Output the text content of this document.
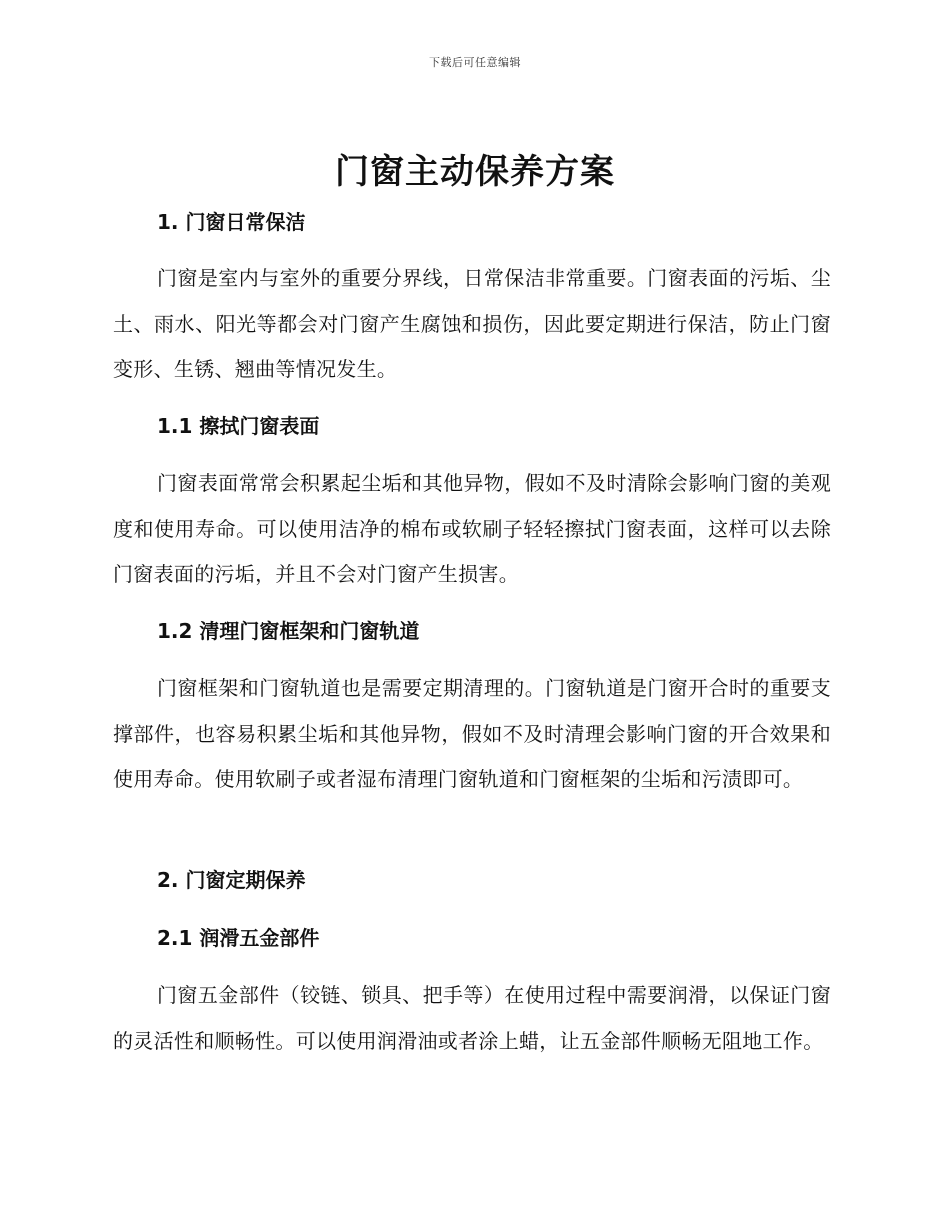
下载后可任意编辑
门窗主动保养方案
1. 门窗日常保洁

门窗是室内与室外的重要分界线，日常保洁非常重要。门窗表面的污垢、尘土、雨水、阳光等都会对门窗产生腐蚀和损伤，因此要定期进行保洁，防止门窗变形、生锈、翘曲等情况发生。

1.1 擦拭门窗表面

门窗表面常常会积累起尘垢和其他异物，假如不及时清除会影响门窗的美观度和使用寿命。可以使用洁净的棉布或软刷子轻轻擦拭门窗表面，这样可以去除门窗表面的污垢，并且不会对门窗产生损害。

1.2 清理门窗框架和门窗轨道

门窗框架和门窗轨道也是需要定期清理的。门窗轨道是门窗开合时的重要支撑部件，也容易积累尘垢和其他异物，假如不及时清理会影响门窗的开合效果和使用寿命。使用软刷子或者湿布清理门窗轨道和门窗框架的尘垢和污渍即可。

2. 门窗定期保养
2.1 润滑五金部件

门窗五金部件（铰链、锁具、把手等）在使用过程中需要润滑，以保证门窗的灵活性和顺畅性。可以使用润滑油或者涂上蜡，让五金部件顺畅无阻地工作。
